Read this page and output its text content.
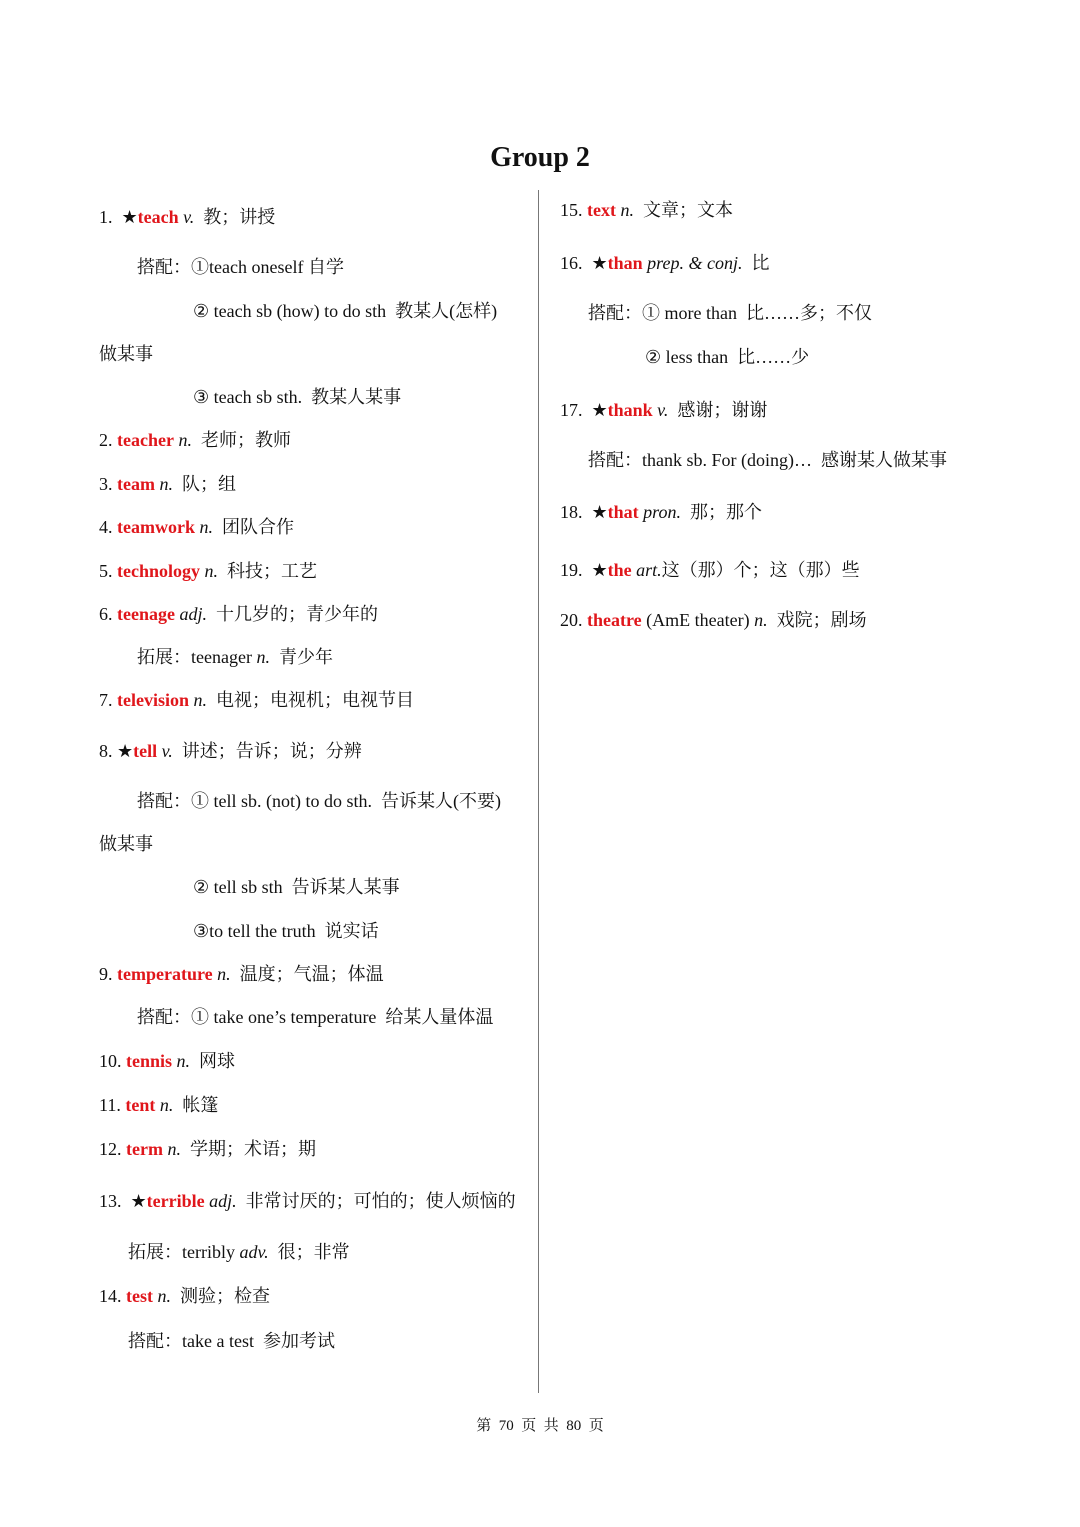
Group 2
1.  ★teach v.  教；讲授
搭配：①teach oneself 自学
② teach sb (how) to do sth  教某人(怎样)
做某事
③ teach sb sth.  教某人某事
2. teacher n.  老师；教师
3. team n.  队；组
4. teamwork n.  团队合作
5. technology n.  科技；工艺
6. teenage adj.  十几岁的；青少年的
拓展：teenager n.  青少年
7. television n.  电视；电视机；电视节目
8. ★tell v.  讲述；告诉；说；分辨
搭配：① tell sb. (not) to do sth.  告诉某人(不要)
做某事
② tell sb sth  告诉某人某事
③to tell the truth  说实话
9. temperature n.  温度；气温；体温
搭配：① take one’s temperature  给某人量体温
10. tennis n.  网球
11. tent n.  帐篷
12. term n.  学期；术语；期
13.  ★terrible adj.  非常讨厌的；可怕的；使人烦恼的
拓展：terribly adv.  很；非常
14. test n.  测验；检查
搭配：take a test  参加考试
15. text n.  文章；文本
16.  ★than prep. & conj.  比
搭配：① more than  比……多；不仅
② less than  比……少
17.  ★thank v.  感谢；谢谢
搭配：thank sb. For (doing)…  感谢某人做某事
18.  ★that pron.  那；那个
19.  ★the art.这（那）个；这（那）些
20. theatre (AmE theater) n.  戏院；剧场
第  70  页  共  80  页
